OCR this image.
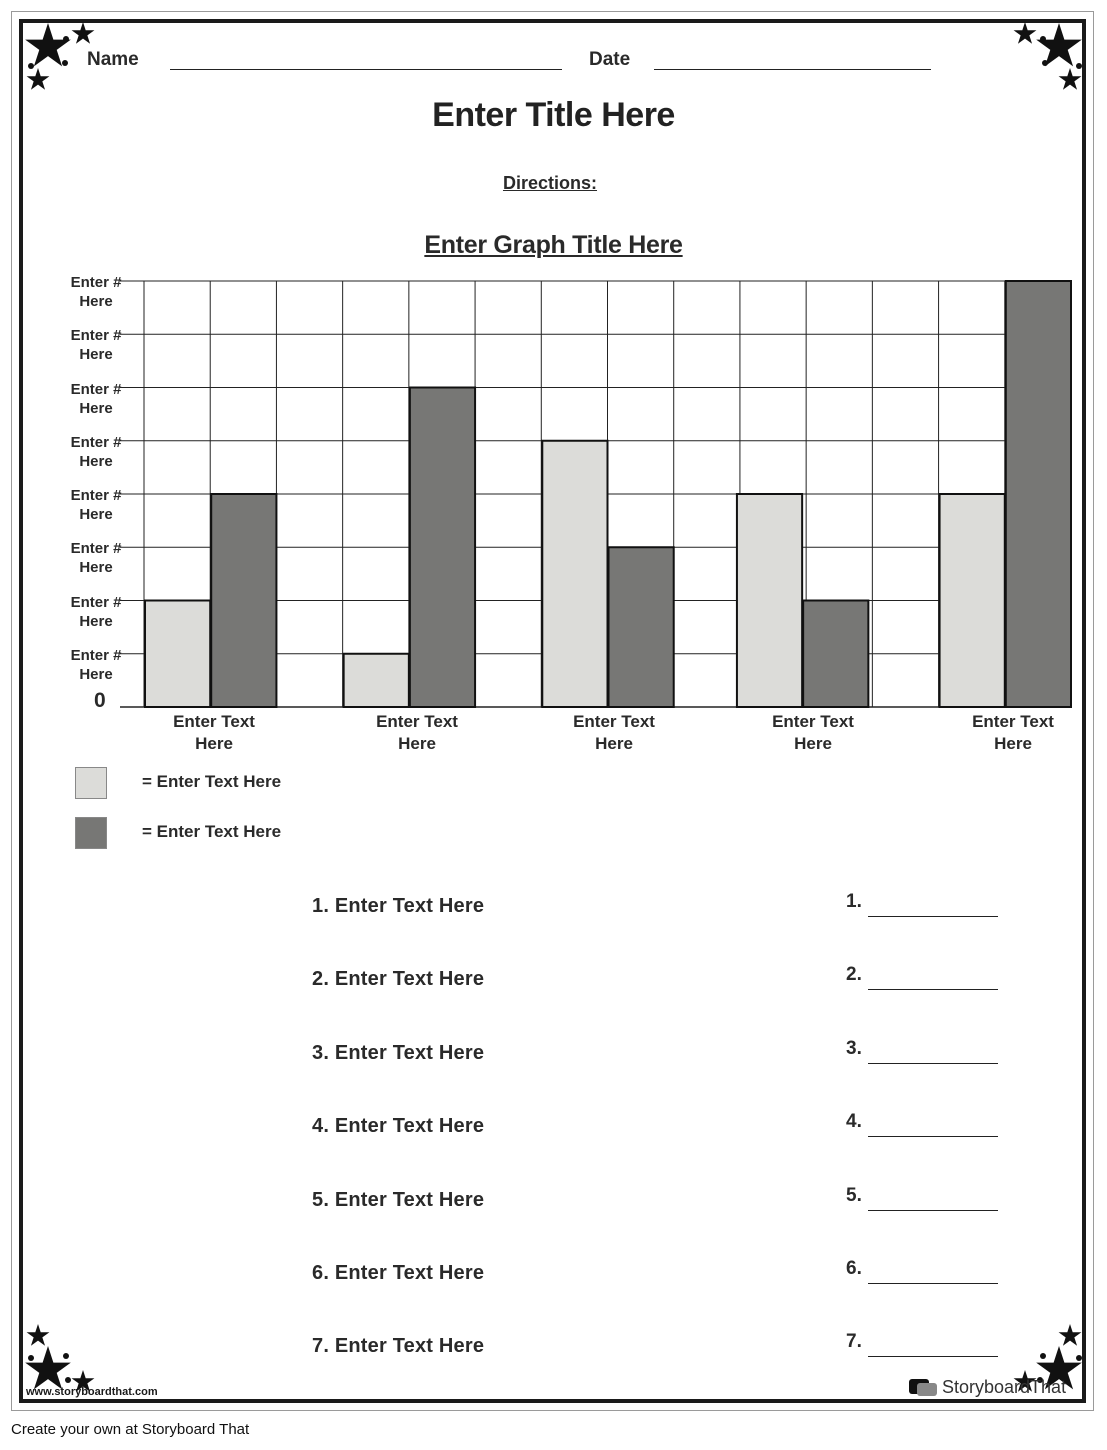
Name	Date
Enter Title Here
Directions:
Enter Graph Title Here
Enter #
Here
Enter #
Here
Enter #
Here
Enter #
Here
Enter #
Here
Enter #
Here
Enter #
Here
Enter #
Here
0
Enter Text
Here
Enter Text
Here
Enter Text
Here
Enter Text
Here
Enter Text
Here
= Enter Text Here
= Enter Text Here
1. Enter Text Here	1.
2. Enter Text Here	2.
3. Enter Text Here	3.
4. Enter Text Here	4.
5. Enter Text Here	5.
6. Enter Text Here	6.
7. Enter Text Here	7.
www.storyboardthat.com	StoryboardThat
Create your own at Storyboard That
